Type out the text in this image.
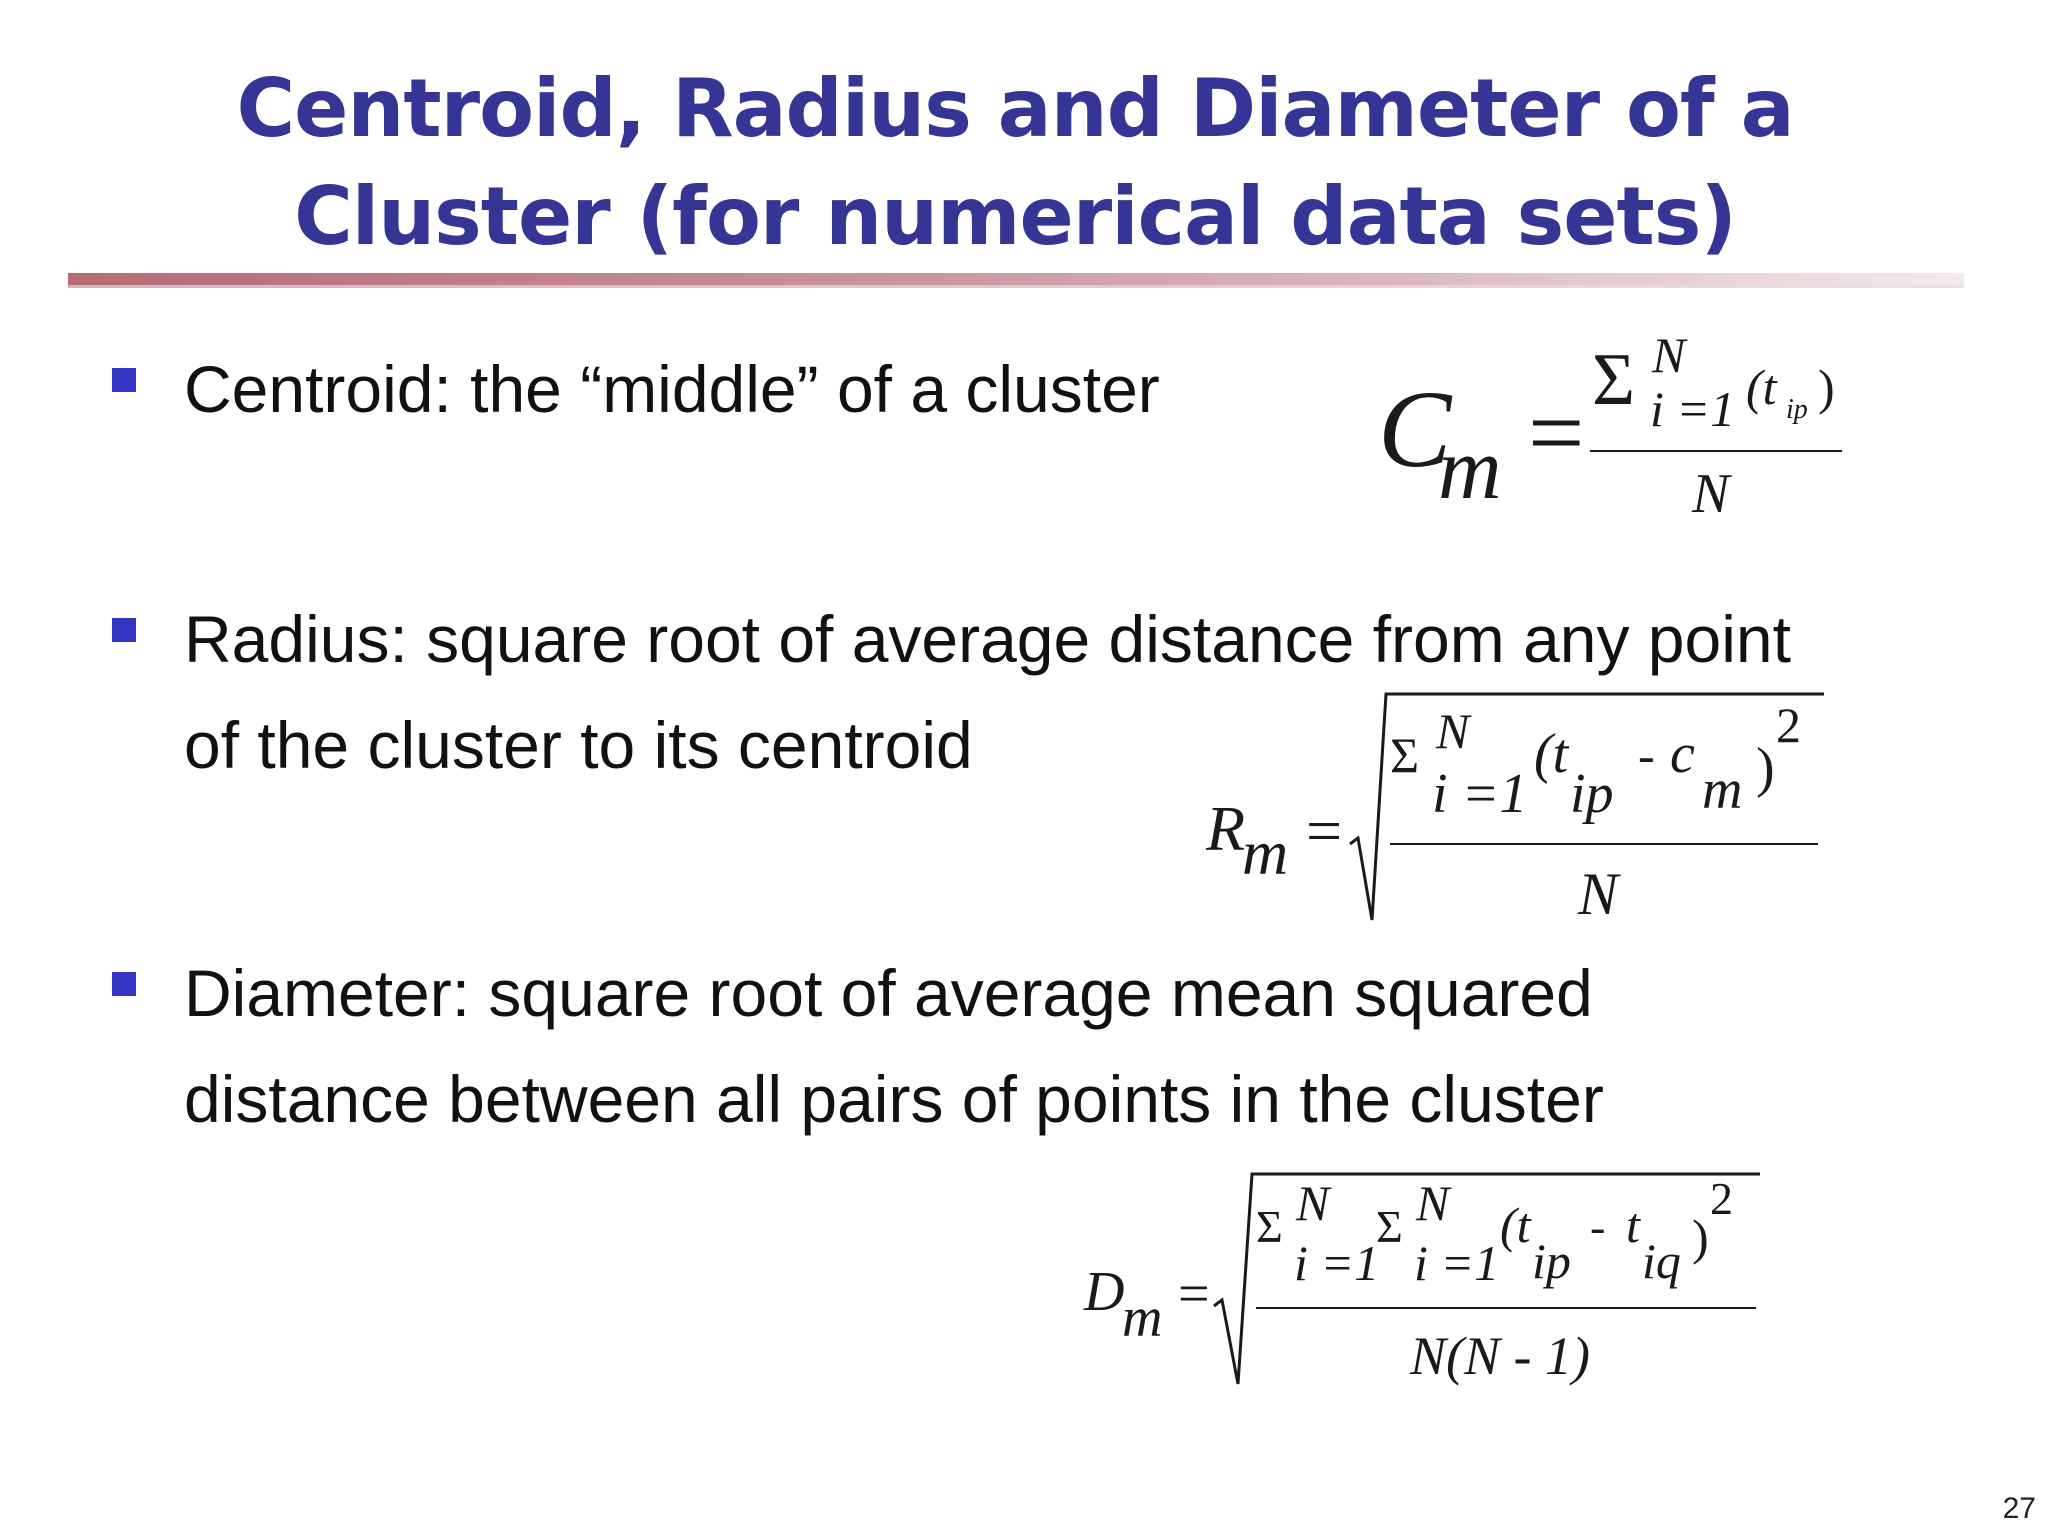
Centroid, Radius and Diameter of a
Cluster (for numerical data sets)
Centroid: the “middle” of a cluster C
m = Σ N
i =1 (t ip )
N
Radius: square root of average distance from any point
of the cluster to its centroid
R
m =
Σ N
i =1
(t
ip
- c
m )
2
N
Diameter: square root of average mean squared
distance between all pairs of points in the cluster
D
m =
Σ N
i =1
Σ N
i =1
(t
ip
- t
iq )
2
N(N - 1)
27
